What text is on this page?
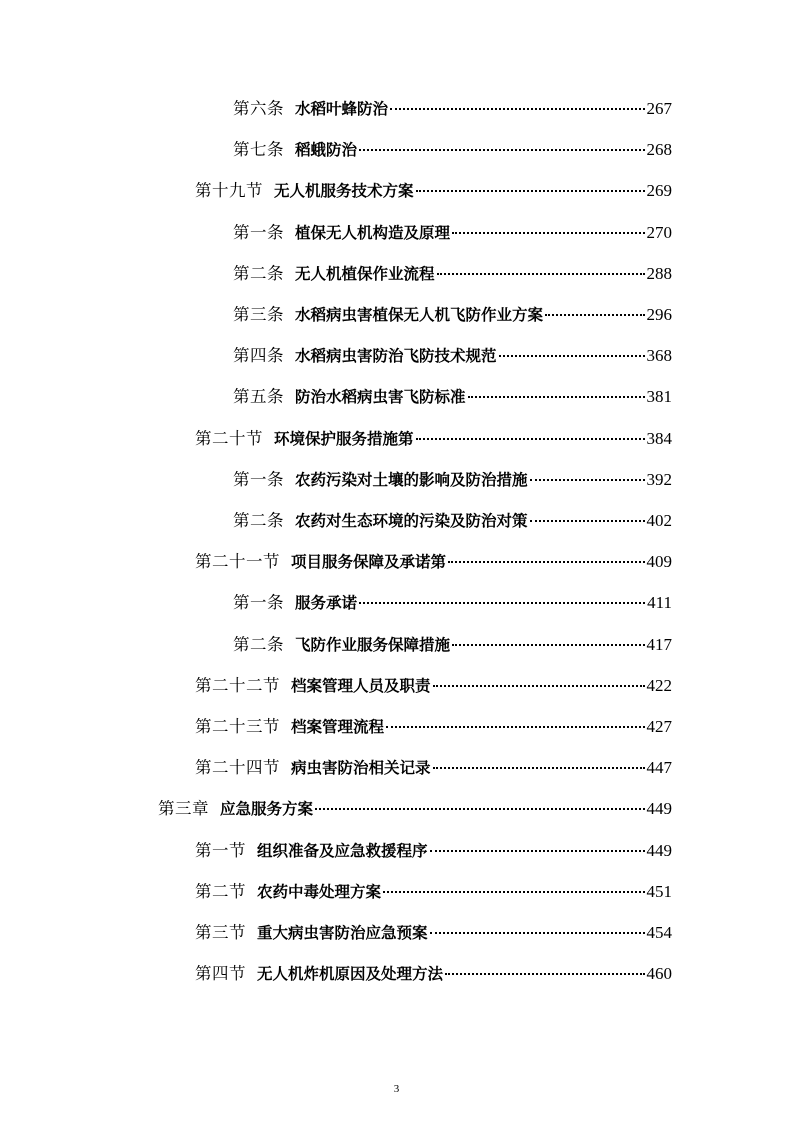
第六条 水稻叶蜂防治	267
第七条 稻蛾防治	268
第十九节 无人机服务技术方案	269
第一条 植保无人机构造及原理	270
第二条 无人机植保作业流程	288
第三条 水稻病虫害植保无人机飞防作业方案	296
第四条 水稻病虫害防治飞防技术规范	368
第五条 防治水稻病虫害飞防标准	381
第二十节 环境保护服务措施第	384
第一条 农药污染对土壤的影响及防治措施	392
第二条 农药对生态环境的污染及防治对策	402
第二十一节 项目服务保障及承诺第	409
第一条 服务承诺	411
第二条 飞防作业服务保障措施	417
第二十二节 档案管理人员及职责	422
第二十三节 档案管理流程	427
第二十四节 病虫害防治相关记录	447
第三章 应急服务方案	449
第一节 组织准备及应急救援程序	449
第二节 农药中毒处理方案	451
第三节 重大病虫害防治应急预案	454
第四节 无人机炸机原因及处理方法	460
3
